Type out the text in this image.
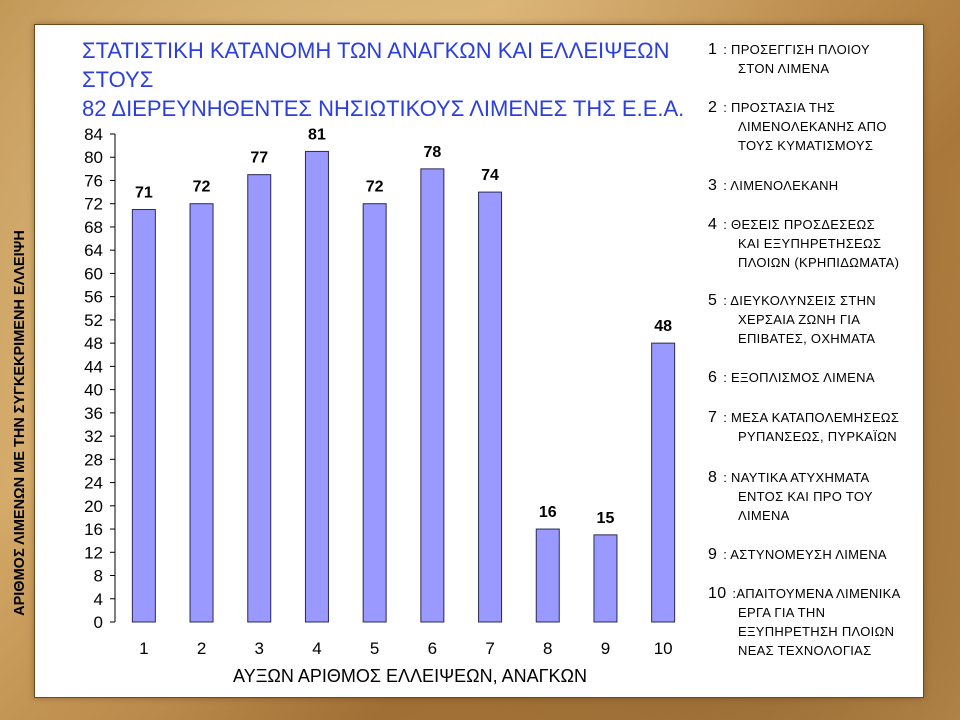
ΣΤΑΤΙΣΤΙΚΗ ΚΑΤΑΝΟΜΗ ΤΩΝ ΑΝΑΓΚΩΝ ΚΑΙ ΕΛΛΕΙΨΕΩΝ ΣΤΟΥΣ
82 ΔΙΕΡΕΥΝΗΘΕΝΤΕΣ ΝΗΣΙΩΤΙΚΟΥΣ ΛΙΜΕΝΕΣ ΤΗΣ Ε.Ε.Α.
ΑΡΙΘΜΟΣ ΛΙΜΕΝΩΝ ΜΕ ΤΗΝ ΣΥΓΚΕΚΡΙΜΕΝΗ ΕΛΛΕΙΨΗ
0
4
8
12
16
20
24
28
32
36
40
44
48
52
56
60
64
68
72
76
80
84
71 72
77
81
72
78
74
16 15
48
1	2	3	4	5	6	7	8	9	10
ΑΥΞΩΝ ΑΡΙΘΜΟΣ ΕΛΛΕΙΨΕΩΝ, ΑΝΑΓΚΩΝ
1 : ΠΡΟΣΕΓΓΙΣΗ ΠΛΟΙΟΥ
ΣΤΟΝ ΛΙΜΕΝΑ
2 : ΠΡΟΣΤΑΣΙΑ ΤΗΣ
ΛΙΜΕΝΟΛΕΚΑΝΗΣ ΑΠΟ
ΤΟΥΣ ΚΥΜΑΤΙΣΜΟΥΣ
3 : ΛΙΜΕΝΟΛΕΚΑΝΗ
4 : ΘΕΣΕΙΣ ΠΡΟΣΔΕΣΕΩΣ
ΚΑΙ ΕΞΥΠΗΡΕΤΗΣΕΩΣ
ΠΛΟΙΩΝ (ΚΡΗΠΙΔΩΜΑΤΑ)
5 : ΔΙΕΥΚΟΛΥΝΣΕΙΣ ΣΤΗΝ
ΧΕΡΣΑΙΑ ΖΩΝΗ ΓΙΑ
ΕΠΙΒΑΤΕΣ, ΟΧΗΜΑΤΑ
6 : ΕΞΟΠΛΙΣΜΟΣ ΛΙΜΕΝΑ
7 : ΜΕΣΑ ΚΑΤΑΠΟΛΕΜΗΣΕΩΣ
ΡΥΠΑΝΣΕΩΣ, ΠΥΡΚΑΪΩΝ
8 : ΝΑΥΤΙΚΑ ΑΤΥΧΗΜΑΤΑ
ΕΝΤΟΣ ΚΑΙ ΠΡΟ ΤΟΥ
ΛΙΜΕΝΑ
9 : ΑΣΤΥΝΟΜΕΥΣΗ ΛΙΜΕΝΑ
10 :ΑΠΑΙΤΟΥΜΕΝΑ ΛΙΜΕΝΙΚΑ
ΕΡΓΑ ΓΙΑ ΤΗΝ
ΕΞΥΠΗΡΕΤΗΣΗ ΠΛΟΙΩΝ
ΝΕΑΣ ΤΕΧΝΟΛΟΓΙΑΣ
